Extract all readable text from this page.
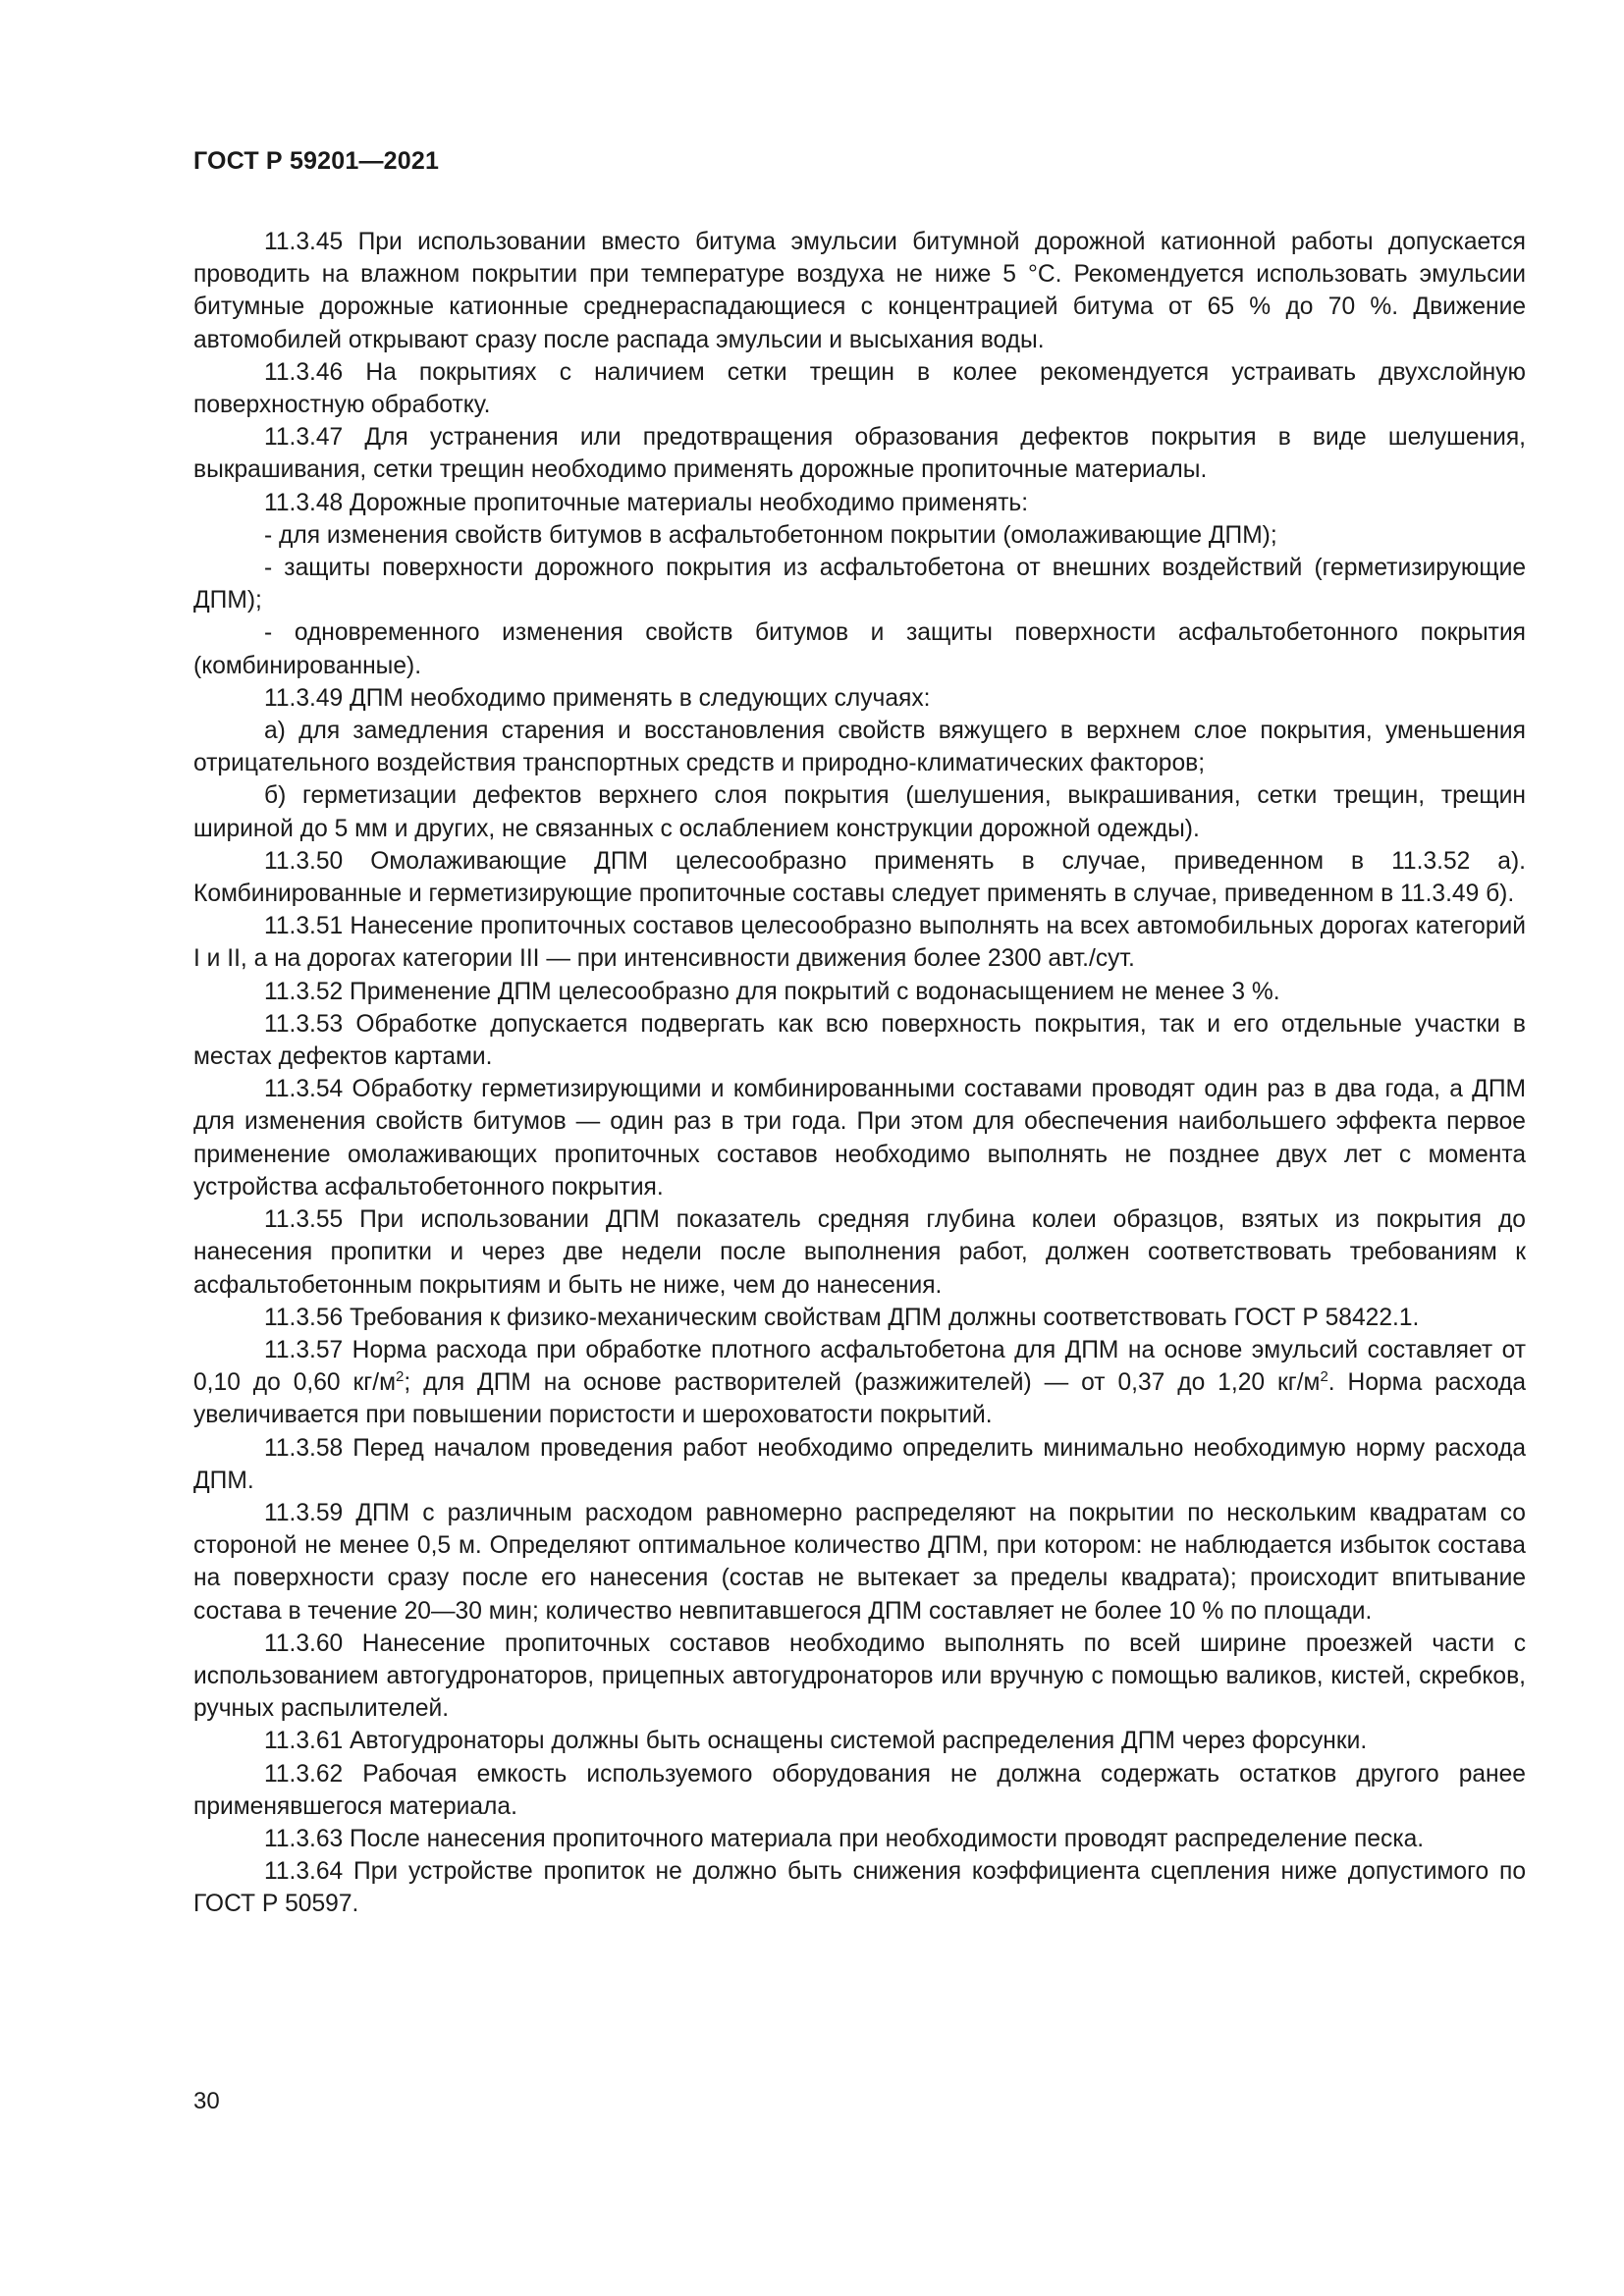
ГОСТ Р 59201—2021

11.3.45 При использовании вместо битума эмульсии битумной дорожной катионной работы допускается проводить на влажном покрытии при температуре воздуха не ниже 5 °С. Рекомендуется использовать эмульсии битумные дорожные катионные среднераспадающиеся с концентрацией битума от 65 % до 70 %. Движение автомобилей открывают сразу после распада эмульсии и высыхания воды.

11.3.46 На покрытиях с наличием сетки трещин в колее рекомендуется устраивать двухслойную поверхностную обработку.

11.3.47 Для устранения или предотвращения образования дефектов покрытия в виде шелушения, выкрашивания, сетки трещин необходимо применять дорожные пропиточные материалы.

11.3.48 Дорожные пропиточные материалы необходимо применять:

- для изменения свойств битумов в асфальтобетонном покрытии (омолаживающие ДПМ);

- защиты поверхности дорожного покрытия из асфальтобетона от внешних воздействий (герметизирующие ДПМ);

- одновременного изменения свойств битумов и защиты поверхности асфальтобетонного покрытия (комбинированные).

11.3.49 ДПМ необходимо применять в следующих случаях:

а) для замедления старения и восстановления свойств вяжущего в верхнем слое покрытия, уменьшения отрицательного воздействия транспортных средств и природно-климатических факторов;

б) герметизации дефектов верхнего слоя покрытия (шелушения, выкрашивания, сетки трещин, трещин шириной до 5 мм и других, не связанных с ослаблением конструкции дорожной одежды).

11.3.50 Омолаживающие ДПМ целесообразно применять в случае, приведенном в 11.3.52 а). Комбинированные и герметизирующие пропиточные составы следует применять в случае, приведенном в 11.3.49 б).

11.3.51 Нанесение пропиточных составов целесообразно выполнять на всех автомобильных дорогах категорий I и II, а на дорогах категории III — при интенсивности движения более 2300 авт./сут.

11.3.52 Применение ДПМ целесообразно для покрытий с водонасыщением не менее 3 %.

11.3.53 Обработке допускается подвергать как всю поверхность покрытия, так и его отдельные участки в местах дефектов картами.

11.3.54 Обработку герметизирующими и комбинированными составами проводят один раз в два года, а ДПМ для изменения свойств битумов — один раз в три года. При этом для обеспечения наибольшего эффекта первое применение омолаживающих пропиточных составов необходимо выполнять не позднее двух лет с момента устройства асфальтобетонного покрытия.

11.3.55 При использовании ДПМ показатель средняя глубина колеи образцов, взятых из покрытия до нанесения пропитки и через две недели после выполнения работ, должен соответствовать требованиям к асфальтобетонным покрытиям и быть не ниже, чем до нанесения.

11.3.56 Требования к физико-механическим свойствам ДПМ должны соответствовать ГОСТ Р 58422.1.

11.3.57 Норма расхода при обработке плотного асфальтобетона для ДПМ на основе эмульсий составляет от 0,10 до 0,60 $кг/м^2$; для ДПМ на основе растворителей (разжижителей) — от 0,37 до 1,20 $кг/м^2$. Норма расхода увеличивается при повышении пористости и шероховатости покрытий.

11.3.58 Перед началом проведения работ необходимо определить минимально необходимую норму расхода ДПМ.

11.3.59 ДПМ с различным расходом равномерно распределяют на покрытии по нескольким квадратам со стороной не менее 0,5 м. Определяют оптимальное количество ДПМ, при котором: не наблюдается избыток состава на поверхности сразу после его нанесения (состав не вытекает за пределы квадрата); происходит впитывание состава в течение 20—30 мин; количество невпитавшегося ДПМ составляет не более 10 % по площади.

11.3.60 Нанесение пропиточных составов необходимо выполнять по всей ширине проезжей части с использованием автогудронаторов, прицепных автогудронаторов или вручную с помощью валиков, кистей, скребков, ручных распылителей.

11.3.61 Автогудронаторы должны быть оснащены системой распределения ДПМ через форсунки.

11.3.62 Рабочая емкость используемого оборудования не должна содержать остатков другого ранее применявшегося материала.

11.3.63 После нанесения пропиточного материала при необходимости проводят распределение песка.

11.3.64 При устройстве пропиток не должно быть снижения коэффициента сцепления ниже допустимого по ГОСТ Р 50597.

30
